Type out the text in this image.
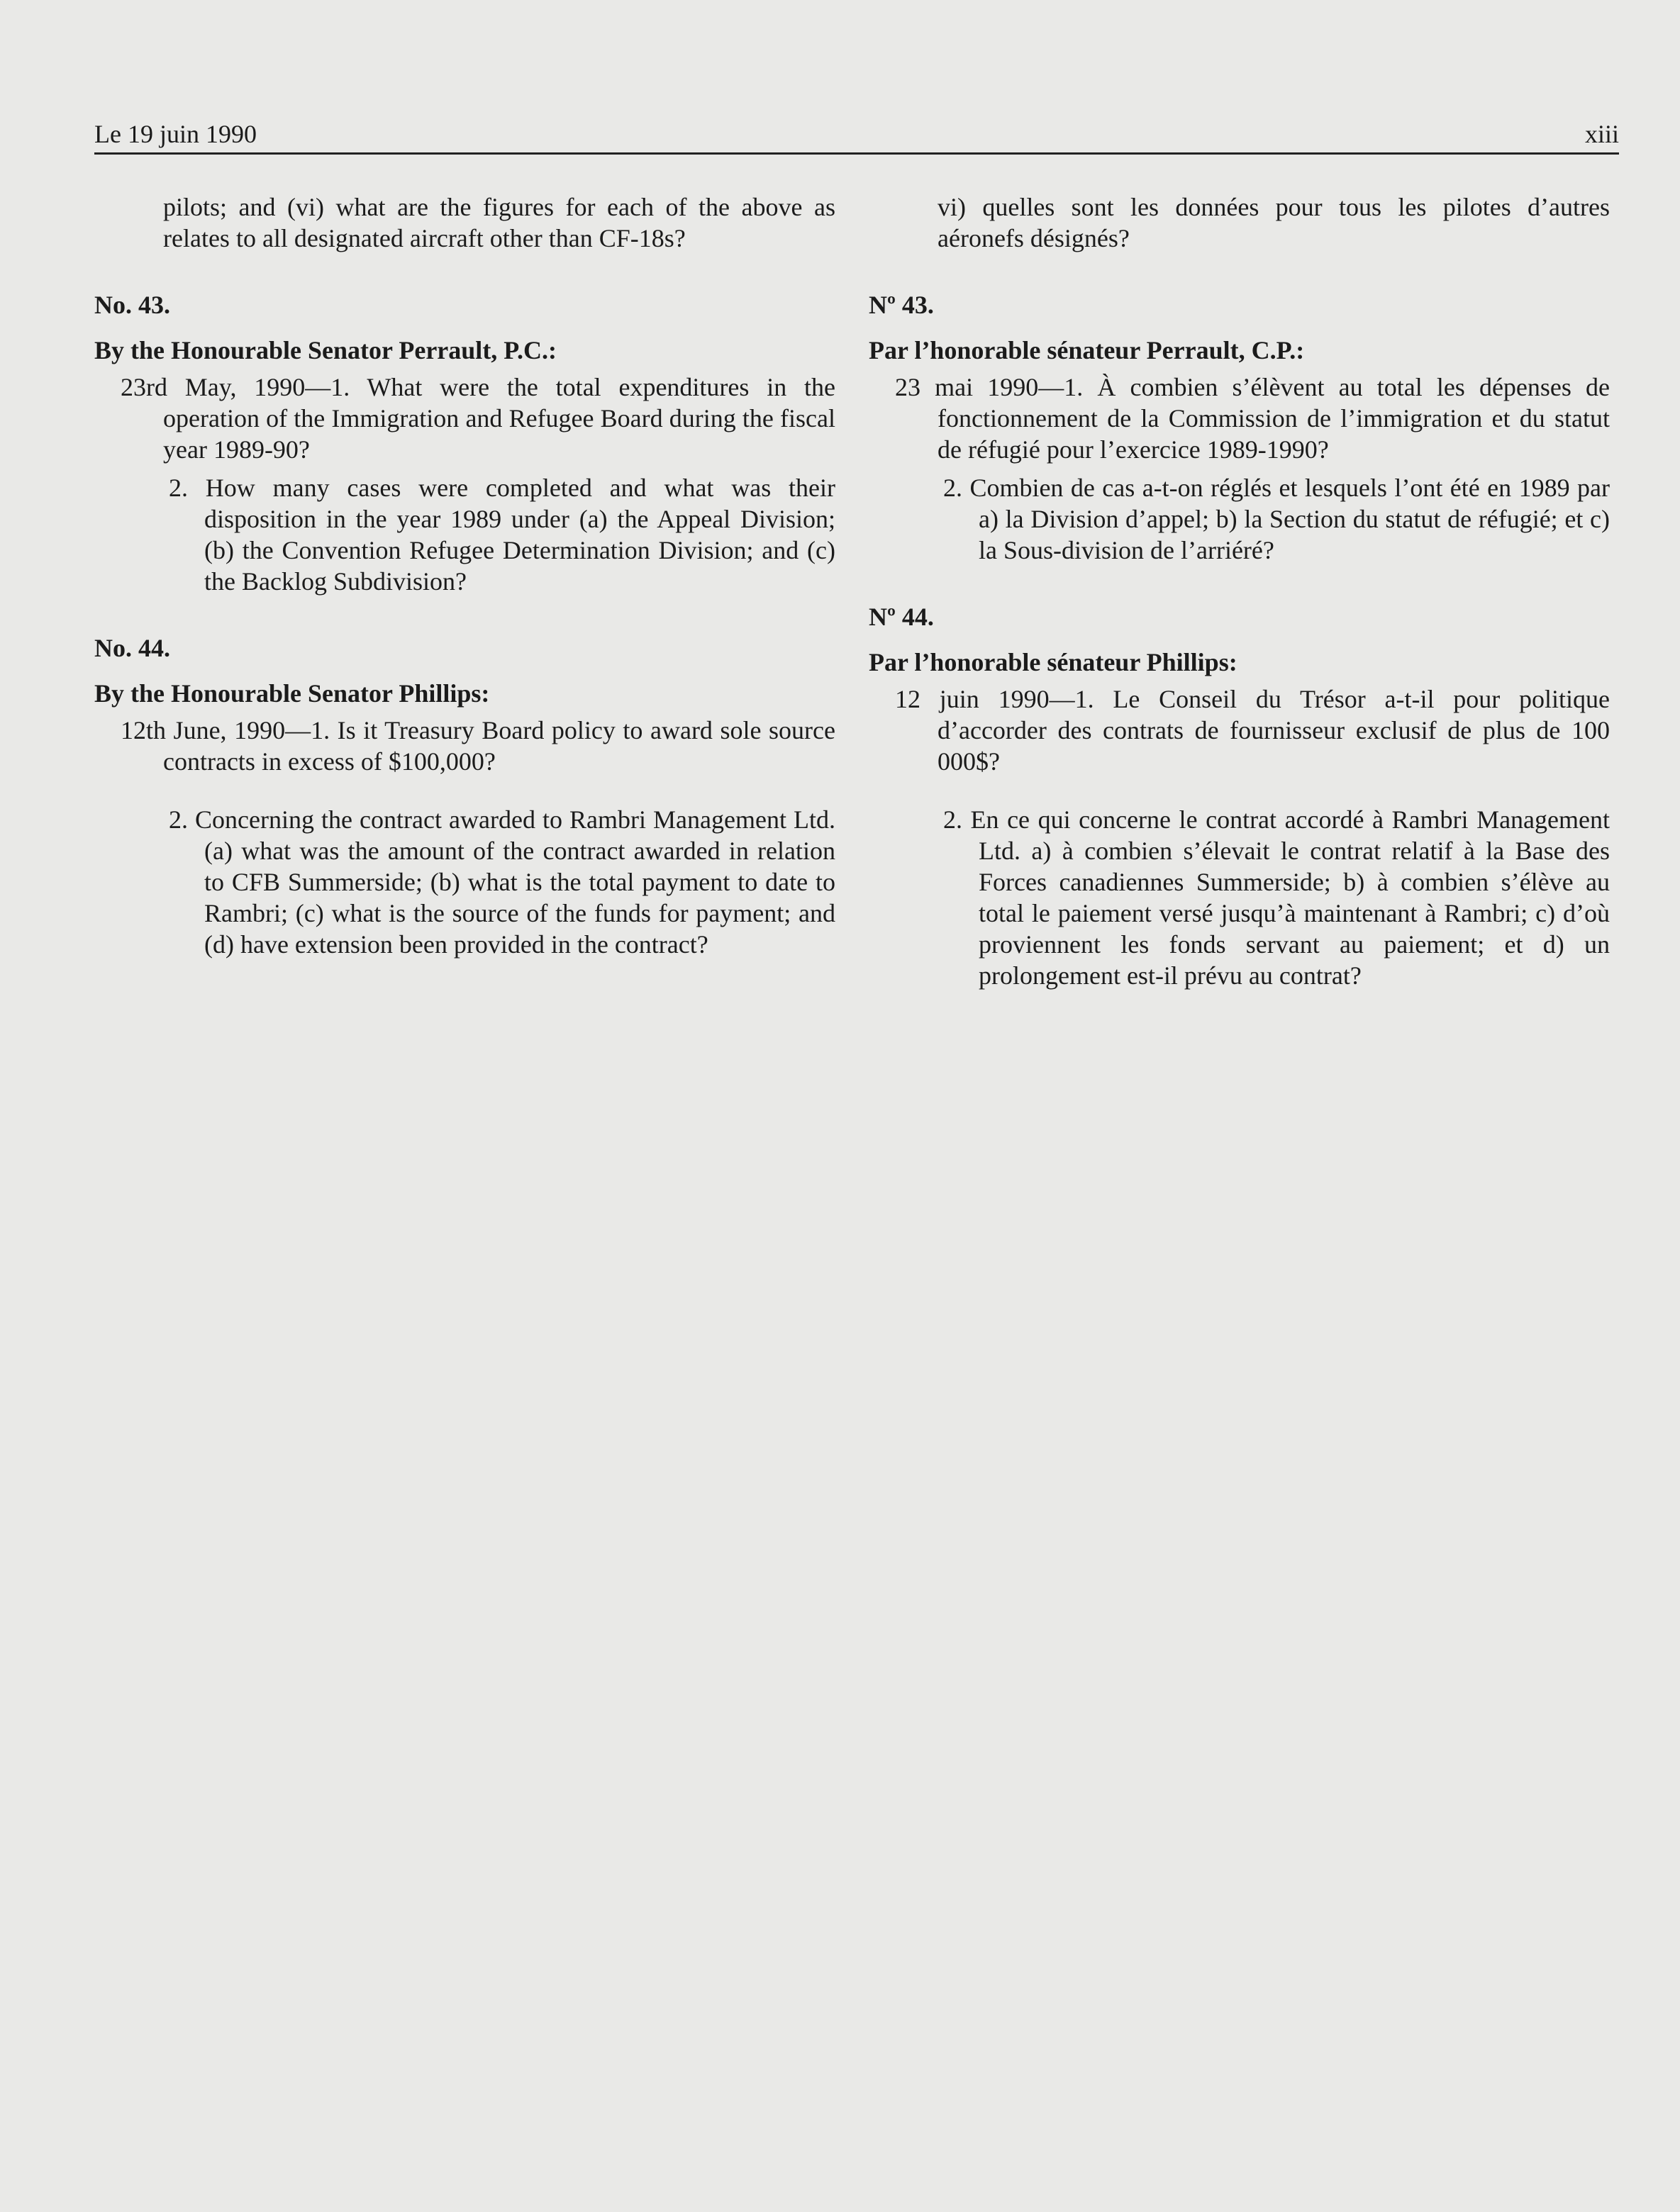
Le 19 juin 1990	xiii

pilots; and (vi) what are the figures for each of the above as relates to all designated aircraft other than CF-18s?

No. 43.
By the Honourable Senator Perrault, P.C.:

23rd May, 1990—1. What were the total expenditures in the operation of the Immigration and Refugee Board during the fiscal year 1989-90?

2. How many cases were completed and what was their disposition in the year 1989 under (a) the Appeal Division; (b) the Convention Refugee Determination Division; and (c) the Backlog Subdivision?

No. 44.
By the Honourable Senator Phillips:

12th June, 1990—1. Is it Treasury Board policy to award sole source contracts in excess of $100,000?

2. Concerning the contract awarded to Rambri Management Ltd. (a) what was the amount of the contract awarded in relation to CFB Summerside; (b) what is the total payment to date to Rambri; (c) what is the source of the funds for payment; and (d) have extension been provided in the contract?

vi) quelles sont les données pour tous les pilotes d’autres aéronefs désignés?

Nº 43.
Par l’honorable sénateur Perrault, C.P.:

23 mai 1990—1. À combien s’élèvent au total les dépenses de fonctionnement de la Commission de l’immigration et du statut de réfugié pour l’exercice 1989-1990?

2. Combien de cas a-t-on réglés et lesquels l’ont été en 1989 par a) la Division d’appel; b) la Section du statut de réfugié; et c) la Sous-division de l’arriéré?

Nº 44.
Par l’honorable sénateur Phillips:

12 juin 1990—1. Le Conseil du Trésor a-t-il pour politique d’accorder des contrats de fournisseur exclusif de plus de 100 000$?

2. En ce qui concerne le contrat accordé à Rambri Management Ltd. a) à combien s’élevait le contrat relatif à la Base des Forces canadiennes Summerside; b) à combien s’élève au total le paiement versé jusqu’à maintenant à Rambri; c) d’où proviennent les fonds servant au paiement; et d) un prolongement est-il prévu au contrat?
